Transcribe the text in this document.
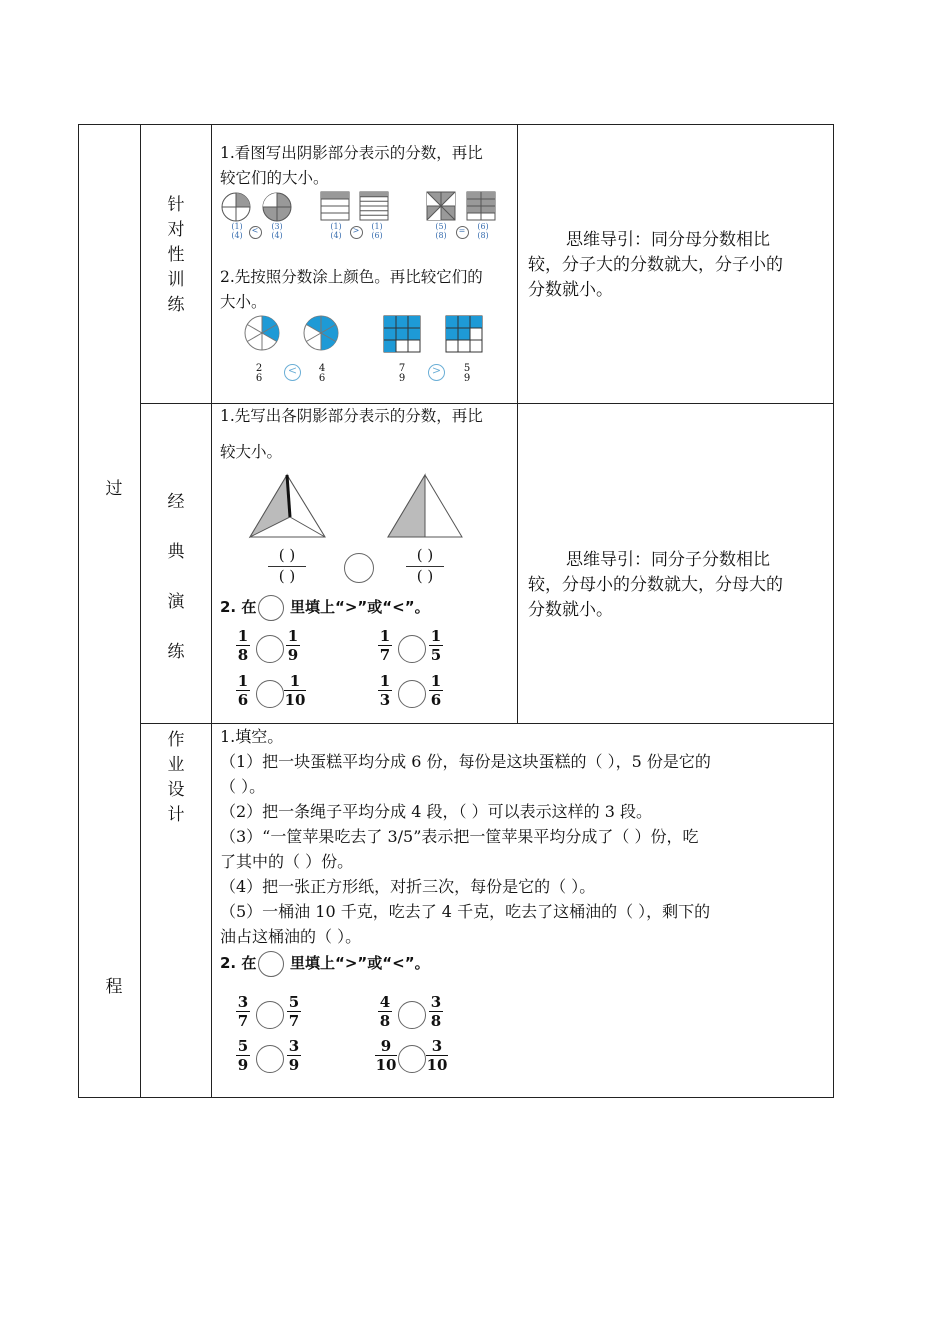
过
程
针
对
性
训
练
经
典
演
练
作
业
设
计
1.看图写出阴影部分表示的分数，再比
较它们的大小。
(1)
(4)
< (3)
(4)
(1)
(4)
> (1)
(6)
(5)
(8)
= (6)
(8)
2.先按照分数涂上颜色。再比较它们的
大小。
2
6
< 4
6
7
9
> 5
9
思维导引：同分母分数相比
较，分子大的分数就大，分子小的
分数就小。
1.先写出各阴影部分表示的分数，再比
较大小。
( )
( )
( )
( )
2. 在 里填上“>”或“<”。
1
8
1
9
1
7
1
5
1
6
1
10
1
3
1
6
思维导引：同分子分数相比
较，分母小的分数就大，分母大的
分数就小。
1.填空。
（1）把一块蛋糕平均分成 6 份，每份是这块蛋糕的（ ），5 份是它的
（ ）。
（2）把一条绳子平均分成 4 段，（ ）可以表示这样的 3 段。
（3）“一筐苹果吃去了 3/5”表示把一筐苹果平均分成了（ ）份，吃
了其中的（ ）份。
（4）把一张正方形纸，对折三次，每份是它的（ ）。
（5）一桶油 10 千克，吃去了 4 千克，吃去了这桶油的（ ），剩下的
油占这桶油的（ ）。
2. 在 里填上“>”或“<”。
3
7
5
7
4
8
3
8
5
9
3
9
9
10
3
10
